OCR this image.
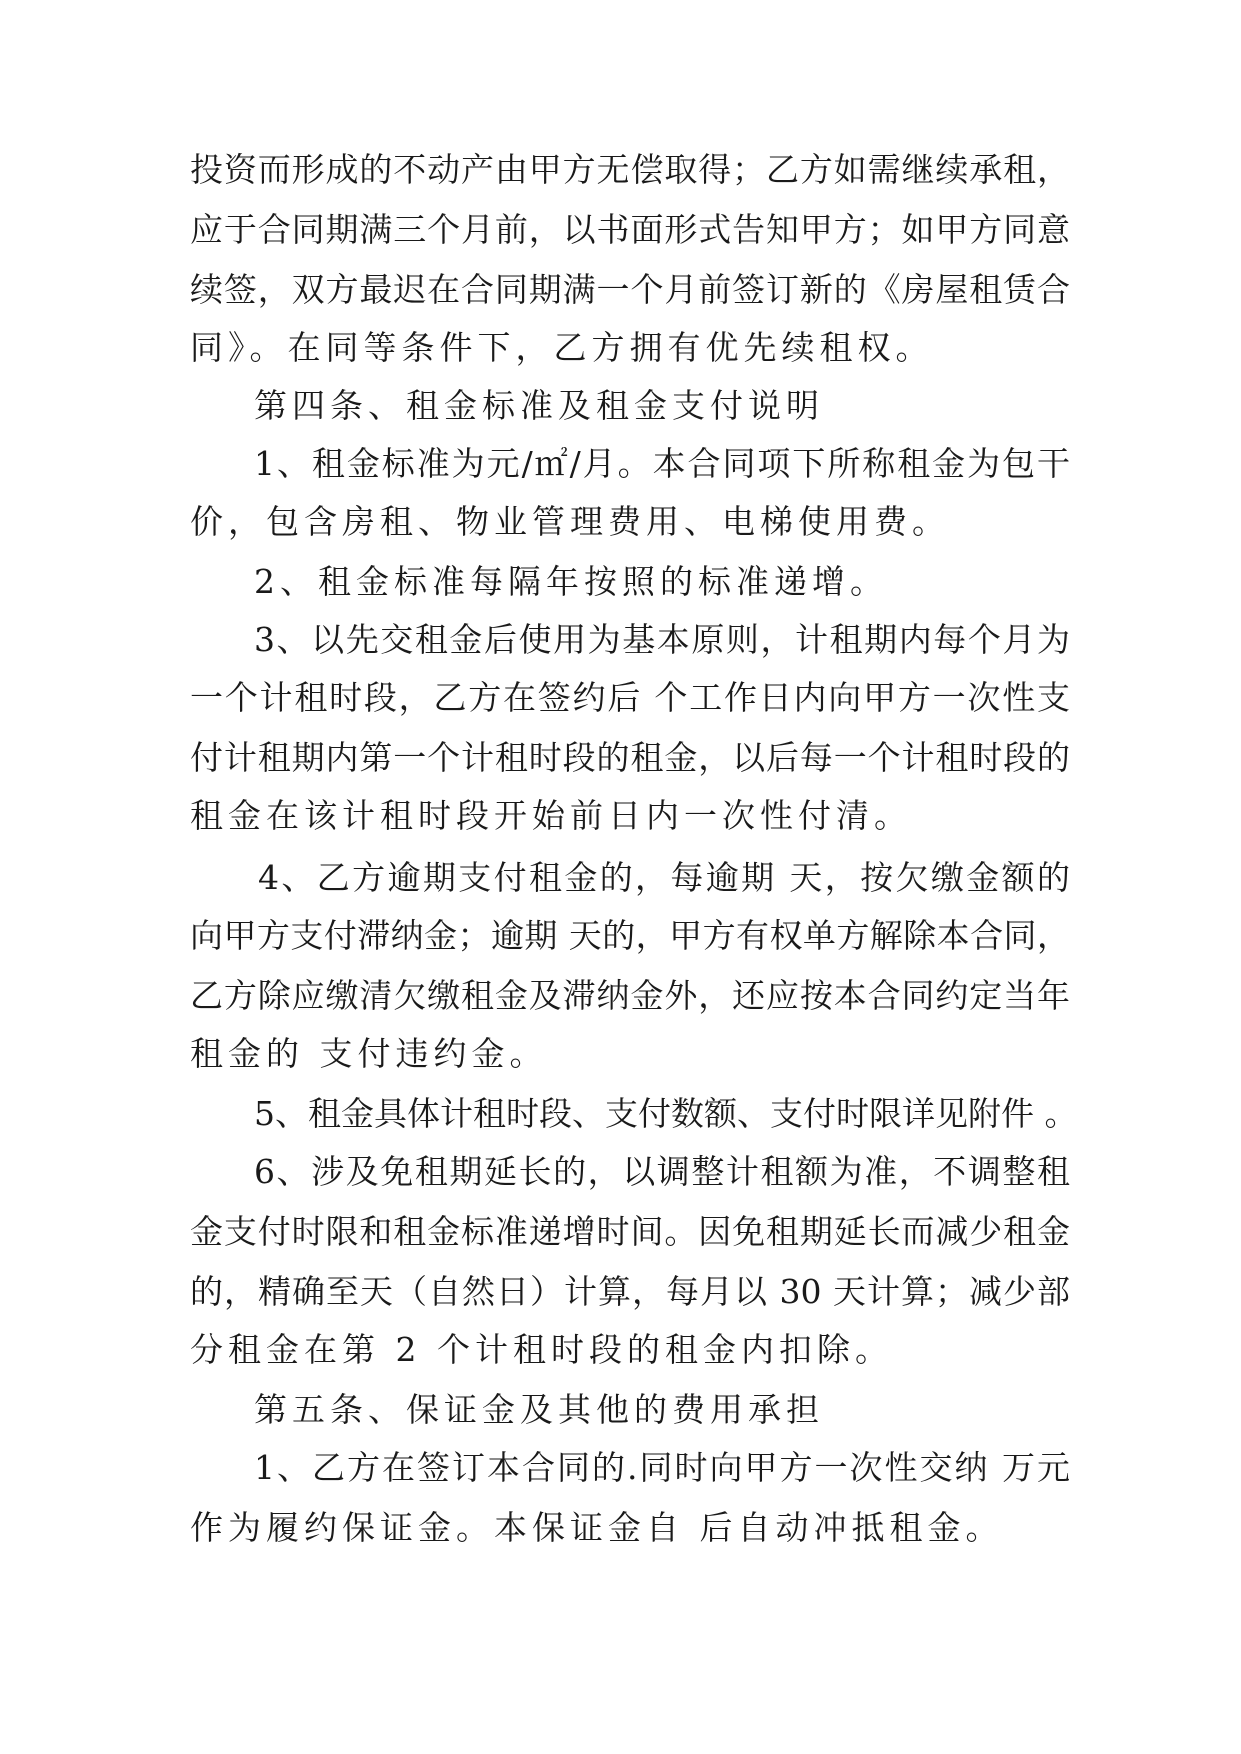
投资而形成的不动产由甲方无偿取得；乙方如需继续承租，
应于合同期满三个月前，以书面形式告知甲方；如甲方同意
续签，双方最迟在合同期满一个月前签订新的《房屋租赁合
同》。在同等条件下，乙方拥有优先续租权。
第四条、租金标准及租金支付说明
1、租金标准为元/㎡/月。本合同项下所称租金为包干
价，包含房租、物业管理费用、电梯使用费。
2、租金标准每隔年按照的标准递增。
3、以先交租金后使用为基本原则，计租期内每个月为
一个计租时段，乙方在签约后 个工作日内向甲方一次性支
付计租期内第一个计租时段的租金，以后每一个计租时段的
租金在该计租时段开始前日内一次性付清。
4、乙方逾期支付租金的，每逾期 天，按欠缴金额的
向甲方支付滞纳金；逾期 天的，甲方有权单方解除本合同，
乙方除应缴清欠缴租金及滞纳金外，还应按本合同约定当年
租金的 支付违约金。
5、租金具体计租时段、支付数额、支付时限详见附件 。
6、涉及免租期延长的，以调整计租额为准，不调整租
金支付时限和租金标准递增时间。因免租期延长而减少租金
的，精确至天（自然日）计算，每月以 30 天计算；减少部
分租金在第 2 个计租时段的租金内扣除。
第五条、保证金及其他的费用承担
1、乙方在签订本合同的.同时向甲方一次性交纳 万元
作为履约保证金。本保证金自 后自动冲抵租金。
